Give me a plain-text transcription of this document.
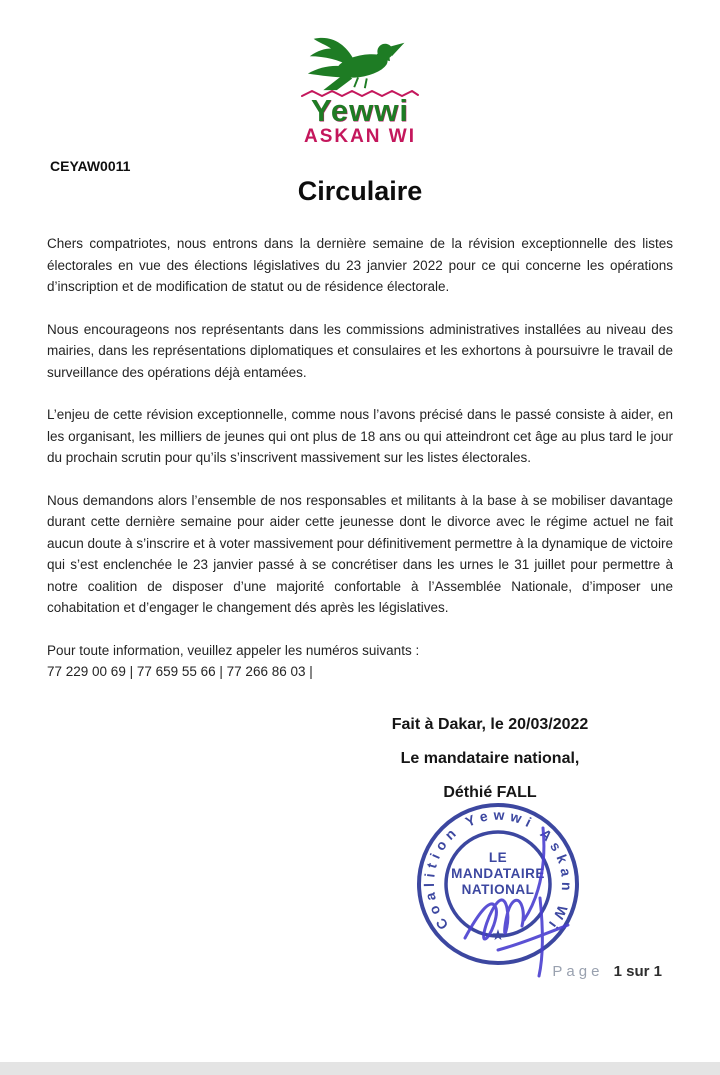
Yewwi
ASKAN WI
CEYAW0011
Circulaire

Chers compatriotes, nous entrons dans la dernière semaine de la révision exceptionnelle des listes électorales en vue des élections législatives du 23 janvier 2022 pour ce qui concerne les opérations d’inscription et de modification de statut ou de résidence électorale.

Nous encourageons nos représentants dans les commissions administratives installées au niveau des mairies, dans les représentations diplomatiques et consulaires et les exhortons à poursuivre le travail de surveillance des opérations déjà entamées.

L’enjeu de cette révision exceptionnelle, comme nous l’avons précisé dans le passé consiste à aider, en les organisant, les milliers de jeunes qui ont plus de 18 ans ou qui atteindront cet âge au plus tard le jour du prochain scrutin pour qu’ils s’inscrivent massivement sur les listes électorales.

Nous demandons alors l’ensemble de nos responsables et militants à la base à se mobiliser davantage durant cette dernière semaine pour aider cette jeunesse dont le divorce avec le régime actuel ne fait aucun doute à s’inscrire et à voter massivement pour définitivement permettre à la dynamique de victoire qui s’est enclenchée le 23 janvier passé à se concrétiser dans les urnes le 31 juillet pour permettre à notre coalition de disposer d’une majorité confortable à l’Assemblée Nationale, d’imposer une cohabitation et d’engager le changement dés après les législatives.

Pour toute information, veuillez appeler les numéros suivants :

77 229 00 69 | 77 659 55 66 | 77 266 86 03 |

Fait à Dakar, le 20/03/2022
Le mandataire national,
Déthié FALL
Coalition Yewwi Askan Wi
LE
MANDATAIRE
NATIONAL
★
Page 1 sur 1
